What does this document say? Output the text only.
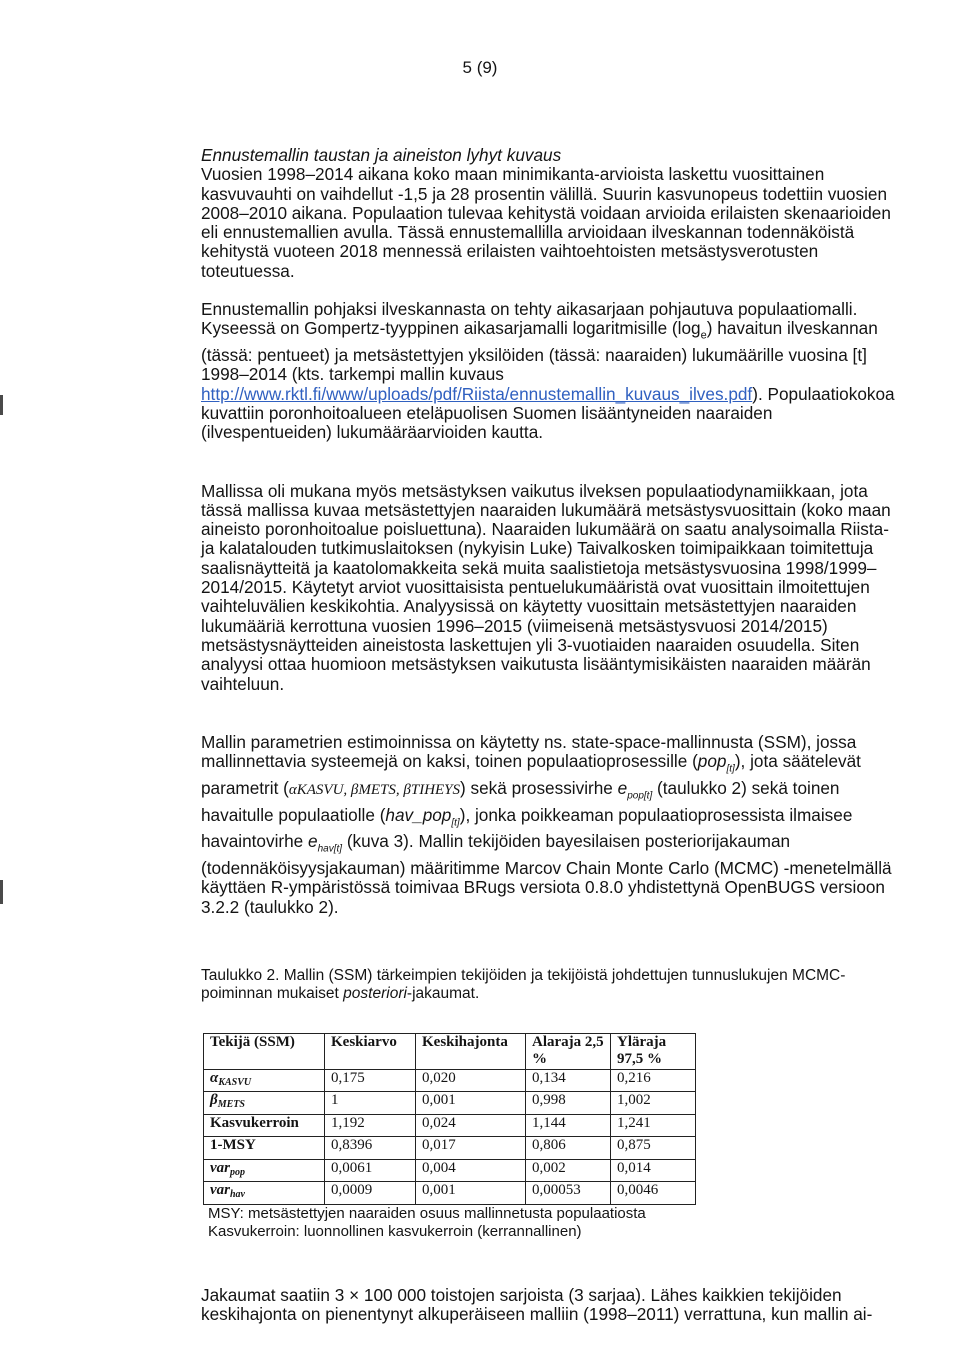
5 (9)

Ennustemallin taustan ja aineiston lyhyt kuvaus

Vuosien 1998–2014 aikana koko maan minimikanta-arvioista laskettu vuosittainen kasvuvauhti on vaihdellut -1,5 ja 28 prosentin välillä. Suurin kasvunopeus todettiin vuosien 2008–2010 aikana. Populaation tulevaa kehitystä voidaan arvioida erilaisten skenaarioiden eli ennustemallien avulla. Tässä ennustemallilla arvioidaan ilveskannan todennäköistä kehitystä vuoteen 2018 mennessä erilaisten vaihtoehtoisten metsästysverotusten toteutuessa.

Ennustemallin pohjaksi ilveskannasta on tehty aikasarjaan pohjautuva populaatiomalli. Kyseessä on Gompertz-tyyppinen aikasarjamalli logaritmisille $(\log_e)$ havaitun ilveskannan (tässä: pentueet) ja metsästettyjen yksilöiden (tässä: naaraiden) lukumäärille vuosina [t] 1998–2014 (kts. tarkempi mallin kuvaus http://www.rktl.fi/www/uploads/pdf/Riista/ennustemallin_kuvaus_ilves.pdf). Populaatiokokoa kuvattiin poronhoitoalueen eteläpuolisen Suomen lisääntyneiden naaraiden (ilvespentueiden) lukumääräarvioiden kautta.

Mallissa oli mukana myös metsästyksen vaikutus ilveksen populaatiodynamiikkaan, jota tässä mallissa kuvaa metsästettyjen naaraiden lukumäärä metsästysvuosittain (koko maan aineisto poronhoitoalue poisluettuna). Naaraiden lukumäärä on saatu analysoimalla Riista- ja kalatalouden tutkimuslaitoksen (nykyisin Luke) Taivalkosken toimipaikkaan toimitettuja saalisnäytteitä ja kaatolomakkeita sekä muita saalistietoja metsästysvuosina 1998/1999–2014/2015. Käytetyt arviot vuosittaisista pentuelukumääristä ovat vuosittain ilmoitettujen vaihteluvälien keskikohtia. Analyysissä on käytetty vuosittain metsästettyjen naaraiden lukumääriä kerrottuna vuosien 1996–2015 (viimeisenä metsästysvuosi 2014/2015) metsästysnäytteiden aineistosta laskettujen yli 3-vuotiaiden naaraiden osuudella. Siten analyysi ottaa huomioon metsästyksen vaikutusta lisääntymisikäisten naaraiden määrän vaihteluun.

Mallin parametrien estimoinnissa on käytetty ns. state-space-mallinnusta (SSM), jossa mallinnettavia systeemejä on kaksi, toinen populaatioprosessille (pop$_{[t]}$), jota säätelevät parametrit (αKASVU, βMETS, βTIHEYS) sekä prosessivirhe $e_{pop[t]}$ (taulukko 2) sekä toinen havaitulle populaatiolle (hav_pop$_{[t]}$), jonka poikkeaman populaatioprosessista ilmaisee havaintovirhe $e_{hav[t]}$ (kuva 3). Mallin tekijöiden bayesilaisen posteriorijakauman (todennäköisyysjakauman) määritimme Marcov Chain Monte Carlo (MCMC) -menetelmällä käyttäen R-ympäristössä toimivaa BRugs versiota 0.8.0 yhdistettynä OpenBUGS versioon 3.2.2 (taulukko 2).

Taulukko 2. Mallin (SSM) tärkeimpien tekijöiden ja tekijöistä johdettujen tunnuslukujen MCMC-poiminnan mukaiset posteriori-jakaumat.

Tekijä (SSM)	Keskiarvo	Keskihajonta	Alaraja 2,5 %	Yläraja 97,5 %
$\alpha_{KASVU}$	0,175	0,020	0,134	0,216
$\beta_{METS}$	1	0,001	0,998	1,002
Kasvukerroin	1,192	0,024	1,144	1,241
1-MSY	0,8396	0,017	0,806	0,875
var$_{pop}$	0,0061	0,004	0,002	0,014
var$_{hav}$	0,0009	0,001	0,00053	0,0046

MSY: metsästettyjen naaraiden osuus mallinnetusta populaatiosta

Kasvukerroin: luonnollinen kasvukerroin (kerrannallinen)

Jakaumat saatiin 3 × 100 000 toistojen sarjoista (3 sarjaa). Lähes kaikkien tekijöiden keskihajonta on pienentynyt alkuperäiseen malliin (1998–2011) verrattuna, kun mallin ai-
